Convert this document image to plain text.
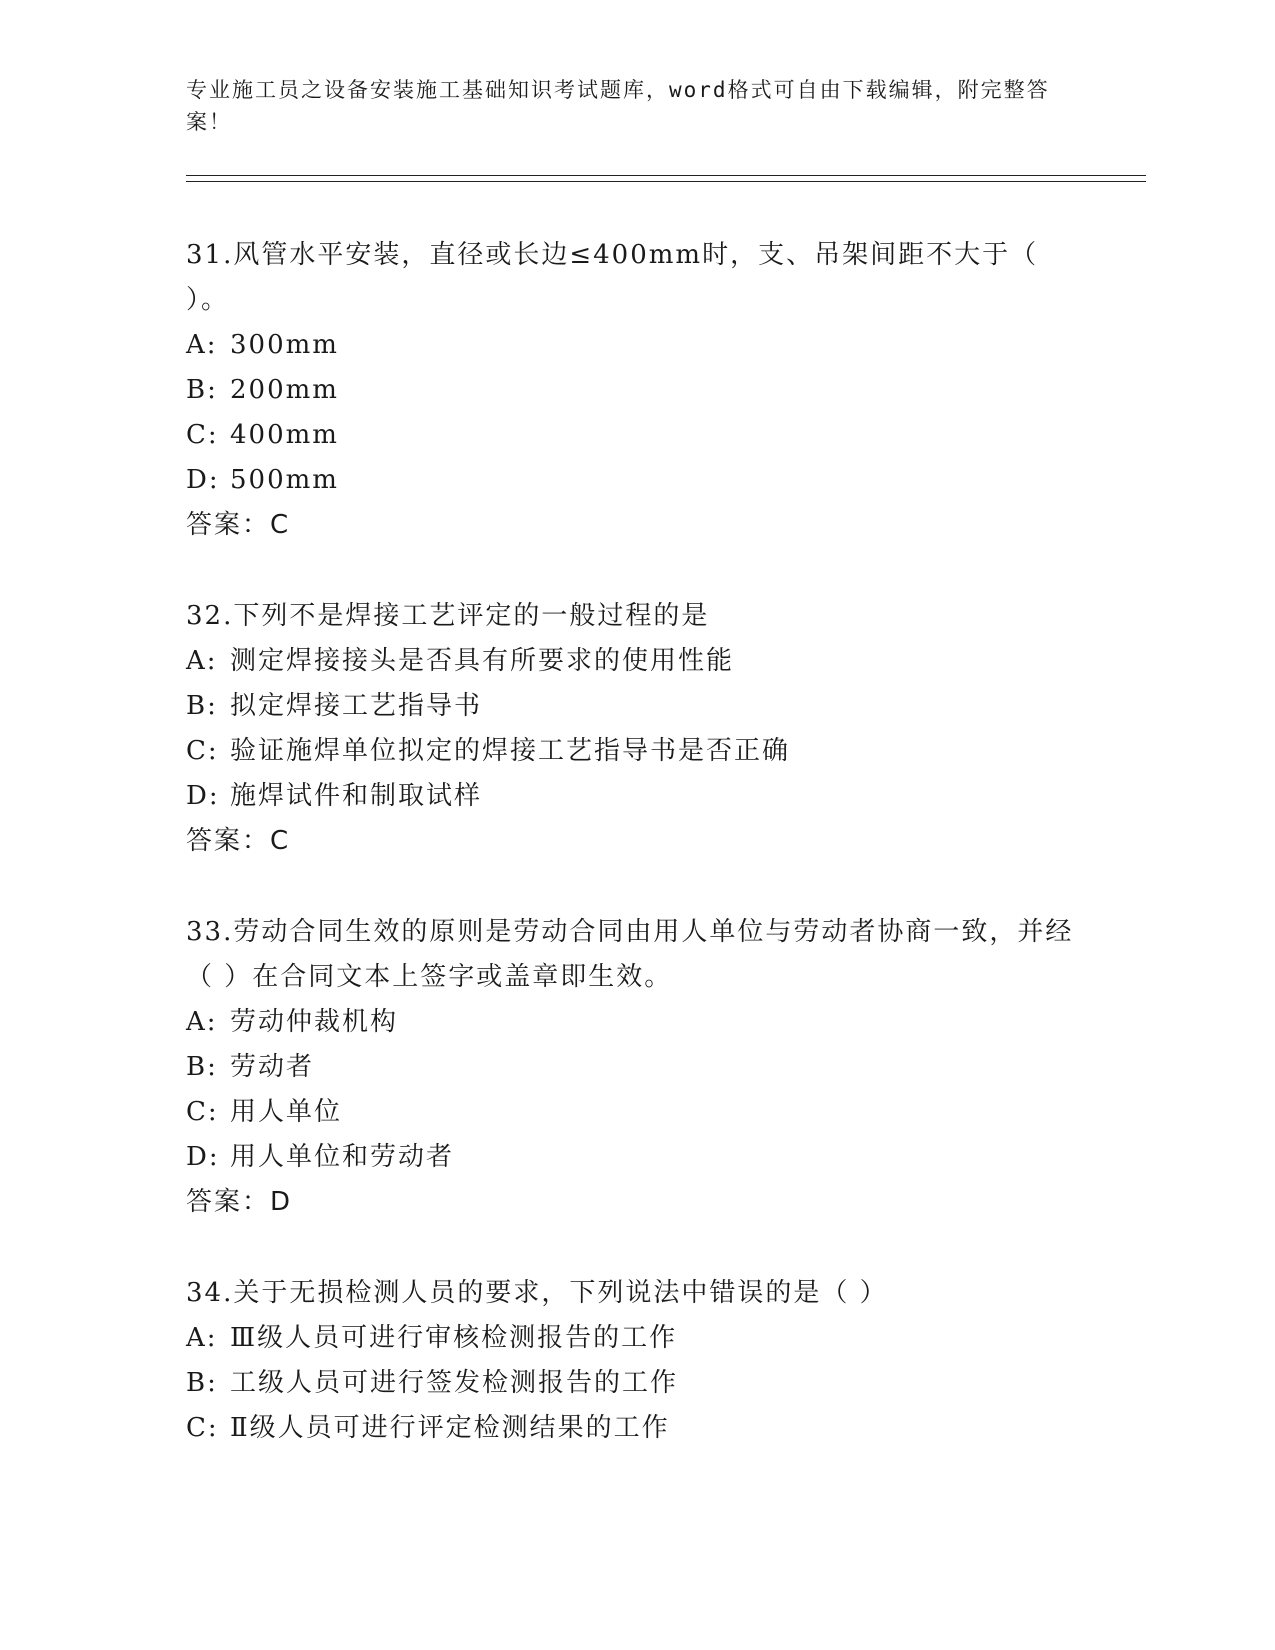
专业施工员之设备安装施工基础知识考试题库，word格式可自由下载编辑，附完整答案！

31.风管水平安装，直径或长边≤400mm时，支、吊架间距不大于（ ）。

A: 300mm

B: 200mm

C: 400mm

D: 500mm

答案：C

32.下列不是焊接工艺评定的一般过程的是

A: 测定焊接接头是否具有所要求的使用性能

B: 拟定焊接工艺指导书

C: 验证施焊单位拟定的焊接工艺指导书是否正确

D: 施焊试件和制取试样

答案：C

33.劳动合同生效的原则是劳动合同由用人单位与劳动者协商一致，并经（ ）在合同文本上签字或盖章即生效。

A: 劳动仲裁机构

B: 劳动者

C: 用人单位

D: 用人单位和劳动者

答案：D

34.关于无损检测人员的要求，下列说法中错误的是（ ）

A: Ⅲ级人员可进行审核检测报告的工作

B: 工级人员可进行签发检测报告的工作

C: Ⅱ级人员可进行评定检测结果的工作
